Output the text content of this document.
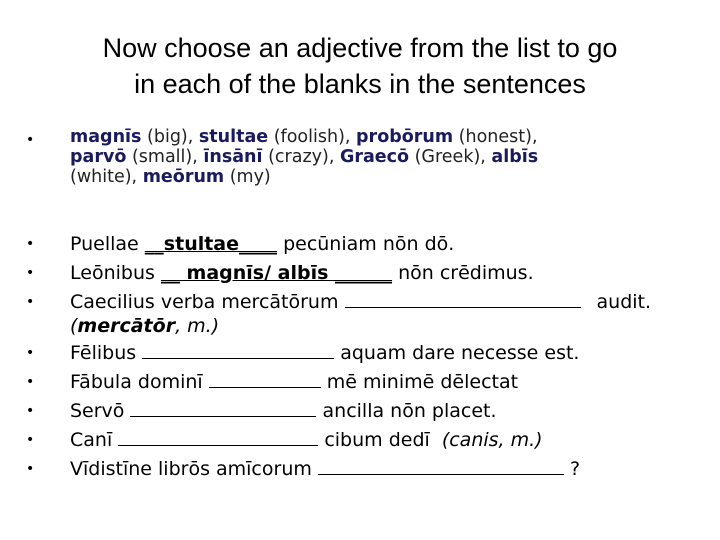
Now choose an adjective from the list to go
in each of the blanks in the sentences
•	magnīs (big), stultae (foolish), probōrum (honest),
parvō (small), īnsānī (crazy), Graecō (Greek), albīs
(white), meōrum (my)
•	Puellae __stultae____ pecūniam nōn dō.
•	Leōnibus __ magnīs/ albīs ______ nōn crēdimus.
•	Caecilius verba mercātōrum	audit.
(mercātōr, m.)
•	Fēlibus	aquam dare necesse est.
•	Fābula dominī	mē minimē dēlectat
•	Servō	ancilla nōn placet.
•	Canī	cibum dedī (canis, m.)
•	Vīdistīne librōs amīcorum	?
